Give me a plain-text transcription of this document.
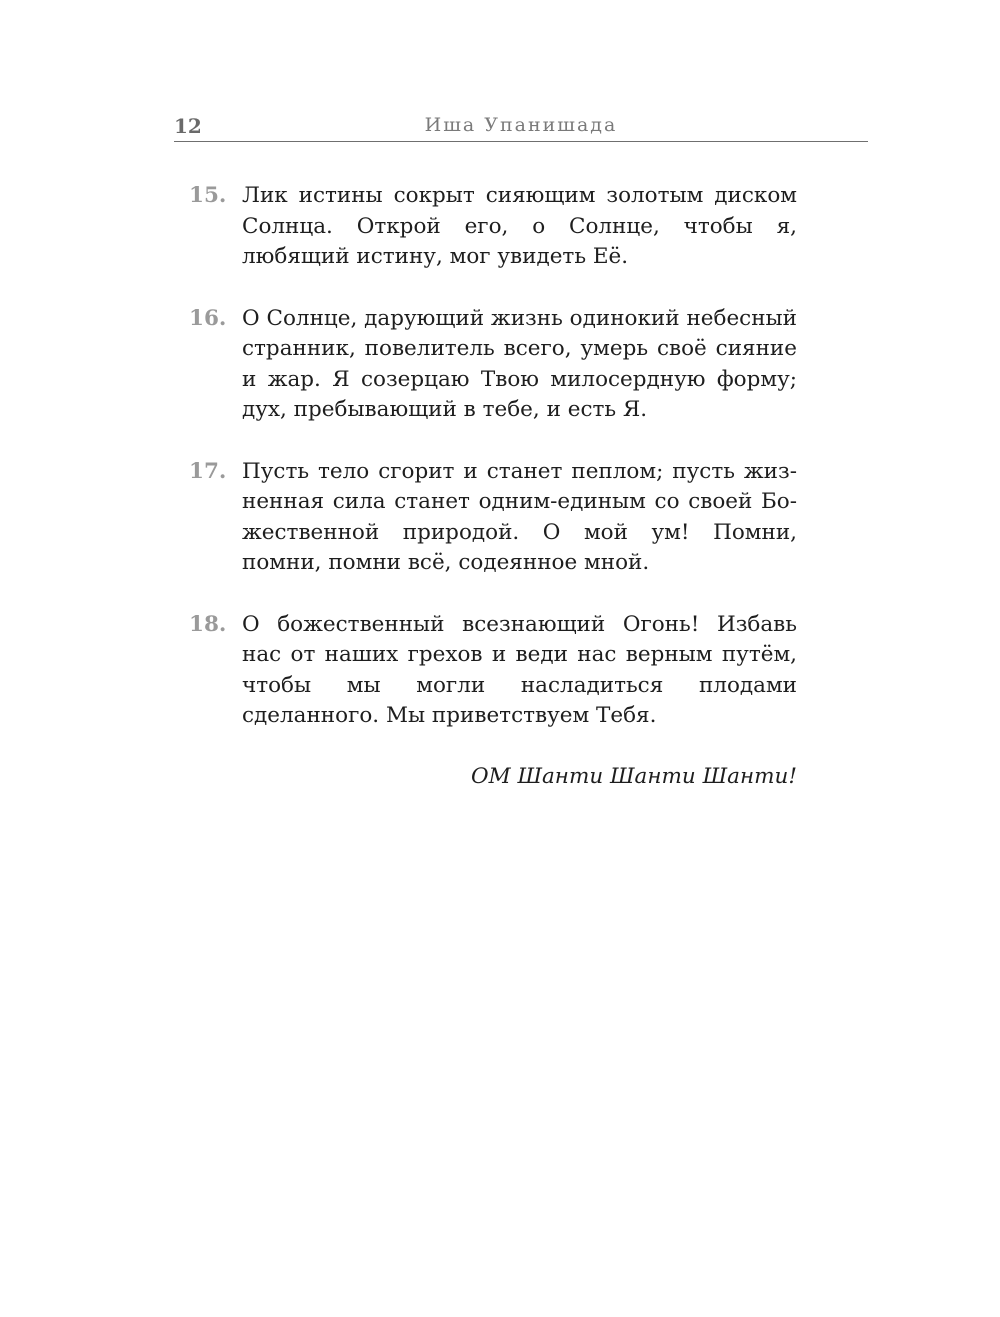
12	Иша Упанишада
15. Лик истины сокрыт сияющим золотым диском Солнца. Открой его, о Солнце, чтобы я, любящий истину, мог увидеть Её.
16. О Солнце, дарующий жизнь одинокий небесный странник, повелитель всего, умерь своё сияние и жар. Я созерцаю Твою милосердную форму; дух, пребывающий в тебе, и есть Я.
17. Пусть тело сгорит и станет пеплом; пусть жизненная сила станет одним-единым со своей Божественной природой. О мой ум! Помни, помни, помни всё, содеянное мной.
18. О божественный всезнающий Огонь! Избавь нас от наших грехов и веди нас верным путём, чтобы мы могли насладиться плодами сделанного. Мы приветствуем Тебя.
ОМ Шанти Шанти Шанти!
